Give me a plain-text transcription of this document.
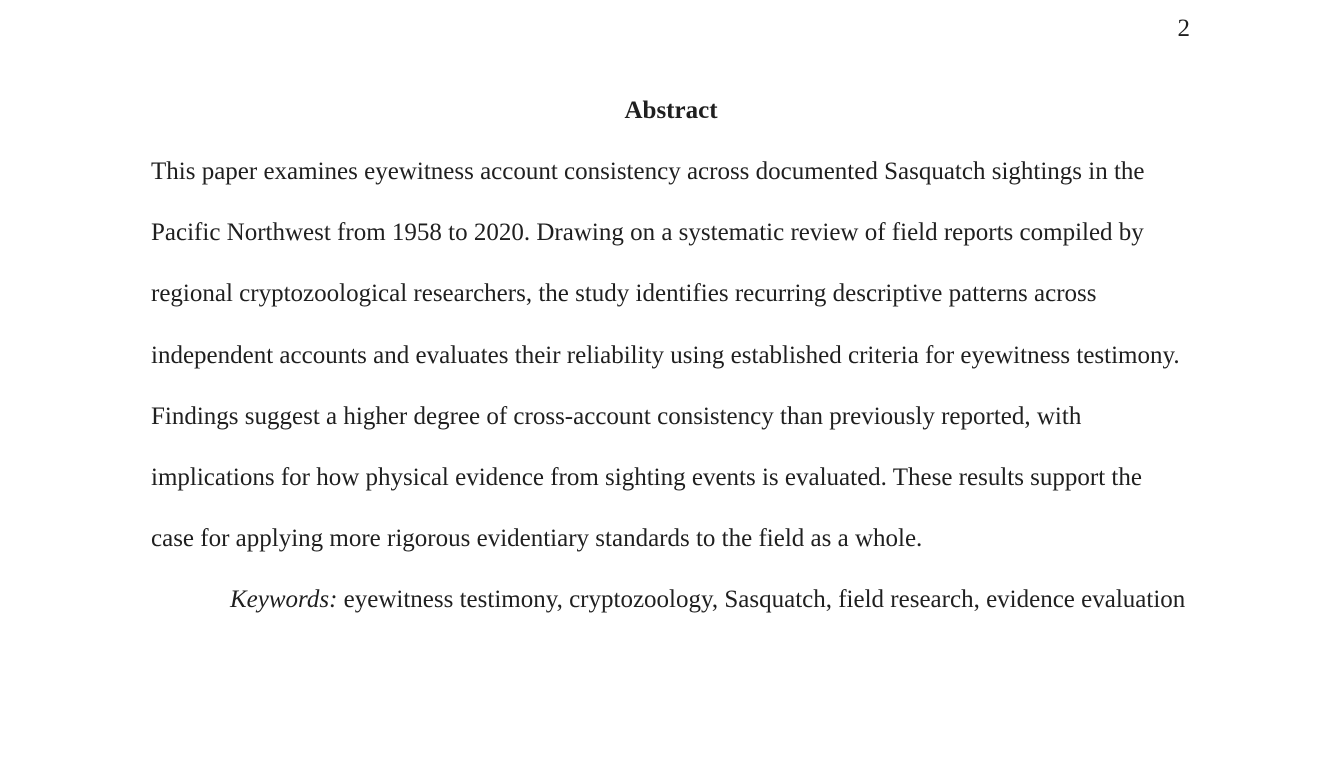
2
Abstract

This paper examines eyewitness account consistency across documented Sasquatch sightings in the Pacific Northwest from 1958 to 2020. Drawing on a systematic review of field reports compiled by regional cryptozoological researchers, the study identifies recurring descriptive patterns across independent accounts and evaluates their reliability using established criteria for eyewitness testimony. Findings suggest a higher degree of cross-account consistency than previously reported, with implications for how physical evidence from sighting events is evaluated. These results support the case for applying more rigorous evidentiary standards to the field as a whole.

Keywords: eyewitness testimony, cryptozoology, Sasquatch, field research, evidence evaluation
